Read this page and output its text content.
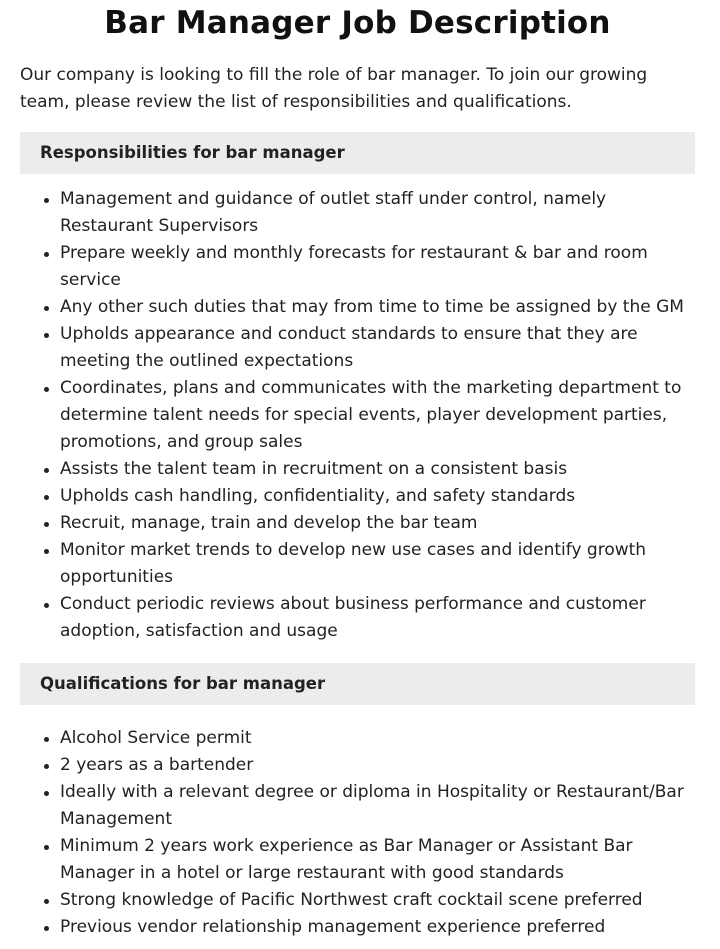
Bar Manager Job Description

Our company is looking to fill the role of bar manager. To join our growing team, please review the list of responsibilities and qualifications.

Responsibilities for bar manager
Management and guidance of outlet staff under control, namely Restaurant Supervisors
Prepare weekly and monthly forecasts for restaurant & bar and room service
Any other such duties that may from time to time be assigned by the GM
Upholds appearance and conduct standards to ensure that they are meeting the outlined expectations
Coordinates, plans and communicates with the marketing department to determine talent needs for special events, player development parties, promotions, and group sales
Assists the talent team in recruitment on a consistent basis
Upholds cash handling, confidentiality, and safety standards
Recruit, manage, train and develop the bar team
Monitor market trends to develop new use cases and identify growth opportunities
Conduct periodic reviews about business performance and customer adoption, satisfaction and usage
Qualifications for bar manager
Alcohol Service permit
2 years as a bartender
Ideally with a relevant degree or diploma in Hospitality or Restaurant/Bar Management
Minimum 2 years work experience as Bar Manager or Assistant Bar Manager in a hotel or large restaurant with good standards
Strong knowledge of Pacific Northwest craft cocktail scene preferred
Previous vendor relationship management experience preferred
